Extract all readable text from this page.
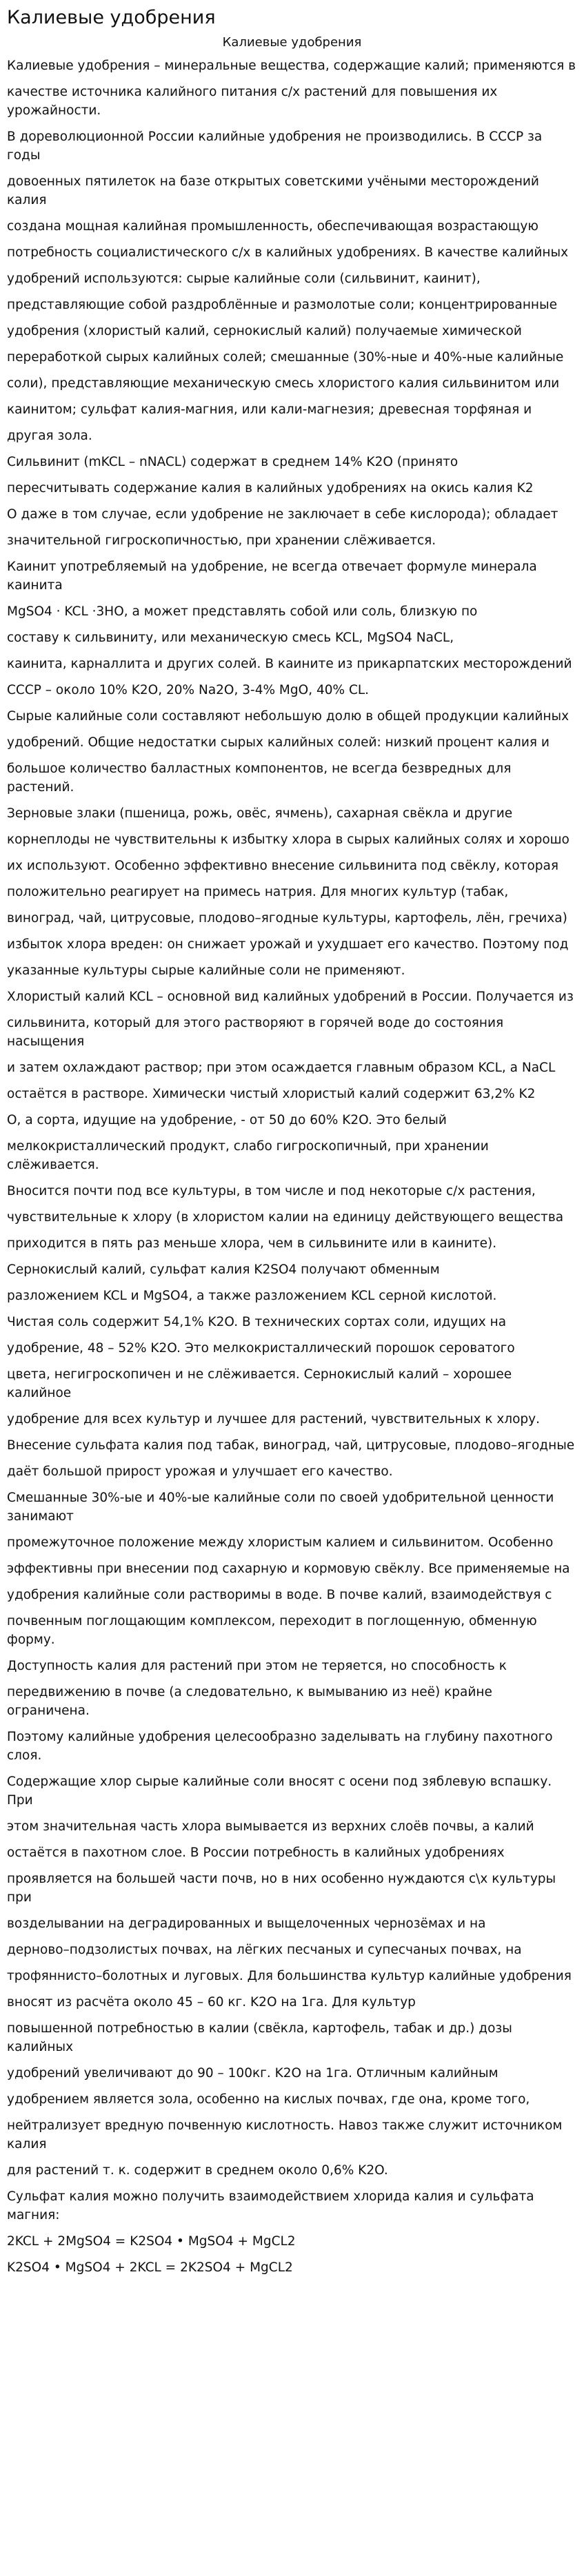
Калиевые удобрения
Калиевые удобрения

Калиевые удобрения – минеральные вещества, содержащие калий; применяются в

качестве источника калийного питания с/х растений для повышения их урожайности.

В дореволюционной России калийные удобрения не производились. В СССР за годы

довоенных пятилеток на базе открытых советскими учёными месторождений калия

создана мощная калийная промышленность, обеспечивающая возрастающую

потребность социалистического с/х в калийных удобрениях. В качестве калийных

удобрений используются: сырые калийные соли (сильвинит, каинит),

представляющие собой раздроблённые и размолотые соли; концентрированные

удобрения (хлористый калий, сернокислый калий) получаемые химической

переработкой сырых калийных солей; смешанные (30%-ные и 40%-ные калийные

соли), представляющие механическую смесь хлористого калия сильвинитом или

каинитом; сульфат калия-магния, или кали-магнезия; древесная торфяная и

другая зола.

Сильвинит (mKCL – nNACL) содержат в среднем 14% K2O (принято

пересчитывать содержание калия в калийных удобрениях на окись калия K2

O даже в том случае, если удобрение не заключает в себе кислорода); обладает

значительной гигроскопичностью, при хранении слёживается.

Каинит употребляемый на удобрение, не всегда отвечает формуле минерала каинита

MgSO4 · KCL ·3HO, а может представлять собой или соль, близкую по

составу к сильвиниту, или механическую смесь KCL, MgSO4 NaCL,

каинита, карналлита и других солей. В каините из прикарпатских месторождений

СССР – около 10% K2O, 20% Na2O, 3-4% MgO, 40% CL.

Сырые калийные соли составляют небольшую долю в общей продукции калийных

удобрений. Общие недостатки сырых калийных солей: низкий процент калия и

большое количество балластных компонентов, не всегда безвредных для растений.

Зерновые злаки (пшеница, рожь, овёс, ячмень), сахарная свёкла и другие

корнеплоды не чувствительны к избытку хлора в сырых калийных солях и хорошо

их используют. Особенно эффективно внесение сильвинита под свёклу, которая

положительно реагирует на примесь натрия. Для многих культур (табак,

виноград, чай, цитрусовые, плодово–ягодные культуры, картофель, лён, гречиха)

избыток хлора вреден: он снижает урожай и ухудшает его качество. Поэтому под

указанные культуры сырые калийные соли не применяют.

Хлористый калий KCL – основной вид калийных удобрений в России. Получается из

сильвинита, который для этого растворяют в горячей воде до состояния насыщения

и затем охлаждают раствор; при этом осаждается главным образом KCL, а NaCL

остаётся в растворе. Химически чистый хлористый калий содержит 63,2% K2

O, а сорта, идущие на удобрение, - от 50 до 60% K2O. Это белый

мелкокристаллический продукт, слабо гигроскопичный, при хранении слёживается.

Вносится почти под все культуры, в том числе и под некоторые с/х растения,

чувствительные к хлору (в хлористом калии на единицу действующего вещества

приходится в пять раз меньше хлора, чем в сильвините или в каините).

Сернокислый калий, сульфат калия K2SO4 получают обменным

разложением KCL и MgSO4, а также разложением KCL серной кислотой.

Чистая соль содержит 54,1% K2O. В технических сортах соли, идущих на

удобрение, 48 – 52% K2O. Это мелкокристаллический порошок сероватого

цвета, негигроскопичен и не слёживается. Сернокислый калий – хорошее калийное

удобрение для всех культур и лучшее для растений, чувствительных к хлору.

Внесение сульфата калия под табак, виноград, чай, цитрусовые, плодово–ягодные

даёт большой прирост урожая и улучшает его качество.

Смешанные 30%-ые и 40%-ые калийные соли по своей удобрительной ценности занимают

промежуточное положение между хлористым калием и сильвинитом. Особенно

эффективны при внесении под сахарную и кормовую свёклу. Все применяемые на

удобрения калийные соли растворимы в воде. В почве калий, взаимодействуя с

почвенным поглощающим комплексом, переходит в поглощенную, обменную форму.

Доступность калия для растений при этом не теряется, но способность к

передвижению в почве (а следовательно, к вымыванию из неё) крайне ограничена.

Поэтому калийные удобрения целесообразно заделывать на глубину пахотного слоя.

Содержащие хлор сырые калийные соли вносят с осени под зяблевую вспашку. При

этом значительная часть хлора вымывается из верхних слоёв почвы, а калий

остаётся в пахотном слое. В России потребность в калийных удобрениях

проявляется на большей части почв, но в них особенно нуждаются с\х культуры при

возделывании на деградированных и выщелоченных чернозёмах и на

дерново–подзолистых почвах, на лёгких песчаных и супесчаных почвах, на

трофяннисто–болотных и луговых. Для большинства культур калийные удобрения

вносят из расчёта около 45 – 60 кг. K2O на 1га. Для культур

повышенной потребностью в калии (свёкла, картофель, табак и др.) дозы калийных

удобрений увеличивают до 90 – 100кг. K2O на 1га. Отличным калийным

удобрением является зола, особенно на кислых почвах, где она, кроме того,

нейтрализует вредную почвенную кислотность. Навоз также служит источником калия

для растений т. к. содержит в среднем около 0,6% K2O.

Сульфат калия можно получить взаимодействием хлорида калия и сульфата магния:

2KCL + 2MgSO4 = K2SO4 • MgSO4 + MgCL2

K2SO4 • MgSO4 + 2KCL = 2K2SO4 + MgCL2
